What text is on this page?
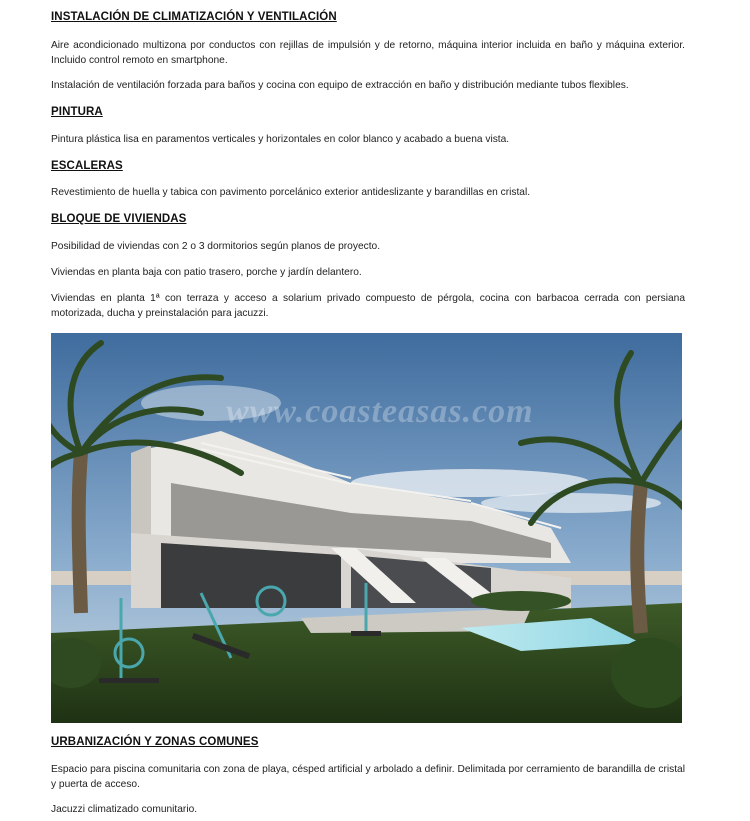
INSTALACIÓN DE CLIMATIZACIÓN Y VENTILACIÓN

Aire acondicionado multizona por conductos con rejillas de impulsión y de retorno, máquina interior incluida en baño y máquina exterior. Incluido control remoto en smartphone.

Instalación de ventilación forzada para baños y cocina con equipo de extracción en baño y distribución mediante tubos flexibles.

PINTURA

Pintura plástica lisa en paramentos verticales y horizontales en color blanco y acabado a buena vista.

ESCALERAS

Revestimiento de huella y tabica con pavimento porcelánico exterior antideslizante y barandillas en cristal.

BLOQUE DE VIVIENDAS

Posibilidad de viviendas con 2 o 3 dormitorios según planos de proyecto.

Viviendas en planta baja con patio trasero, porche y jardín delantero.

Viviendas en planta 1ª con terraza y acceso a solarium privado compuesto de pérgola, cocina con barbacoa cerrada con persiana motorizada, ducha y preinstalación para jacuzzi.

www.coasteasas.com
URBANIZACIÓN Y ZONAS COMUNES

Espacio para piscina comunitaria con zona de playa, césped artificial y arbolado a definir. Delimitada por cerramiento de barandilla de cristal y puerta de acceso.

Jacuzzi climatizado comunitario.
